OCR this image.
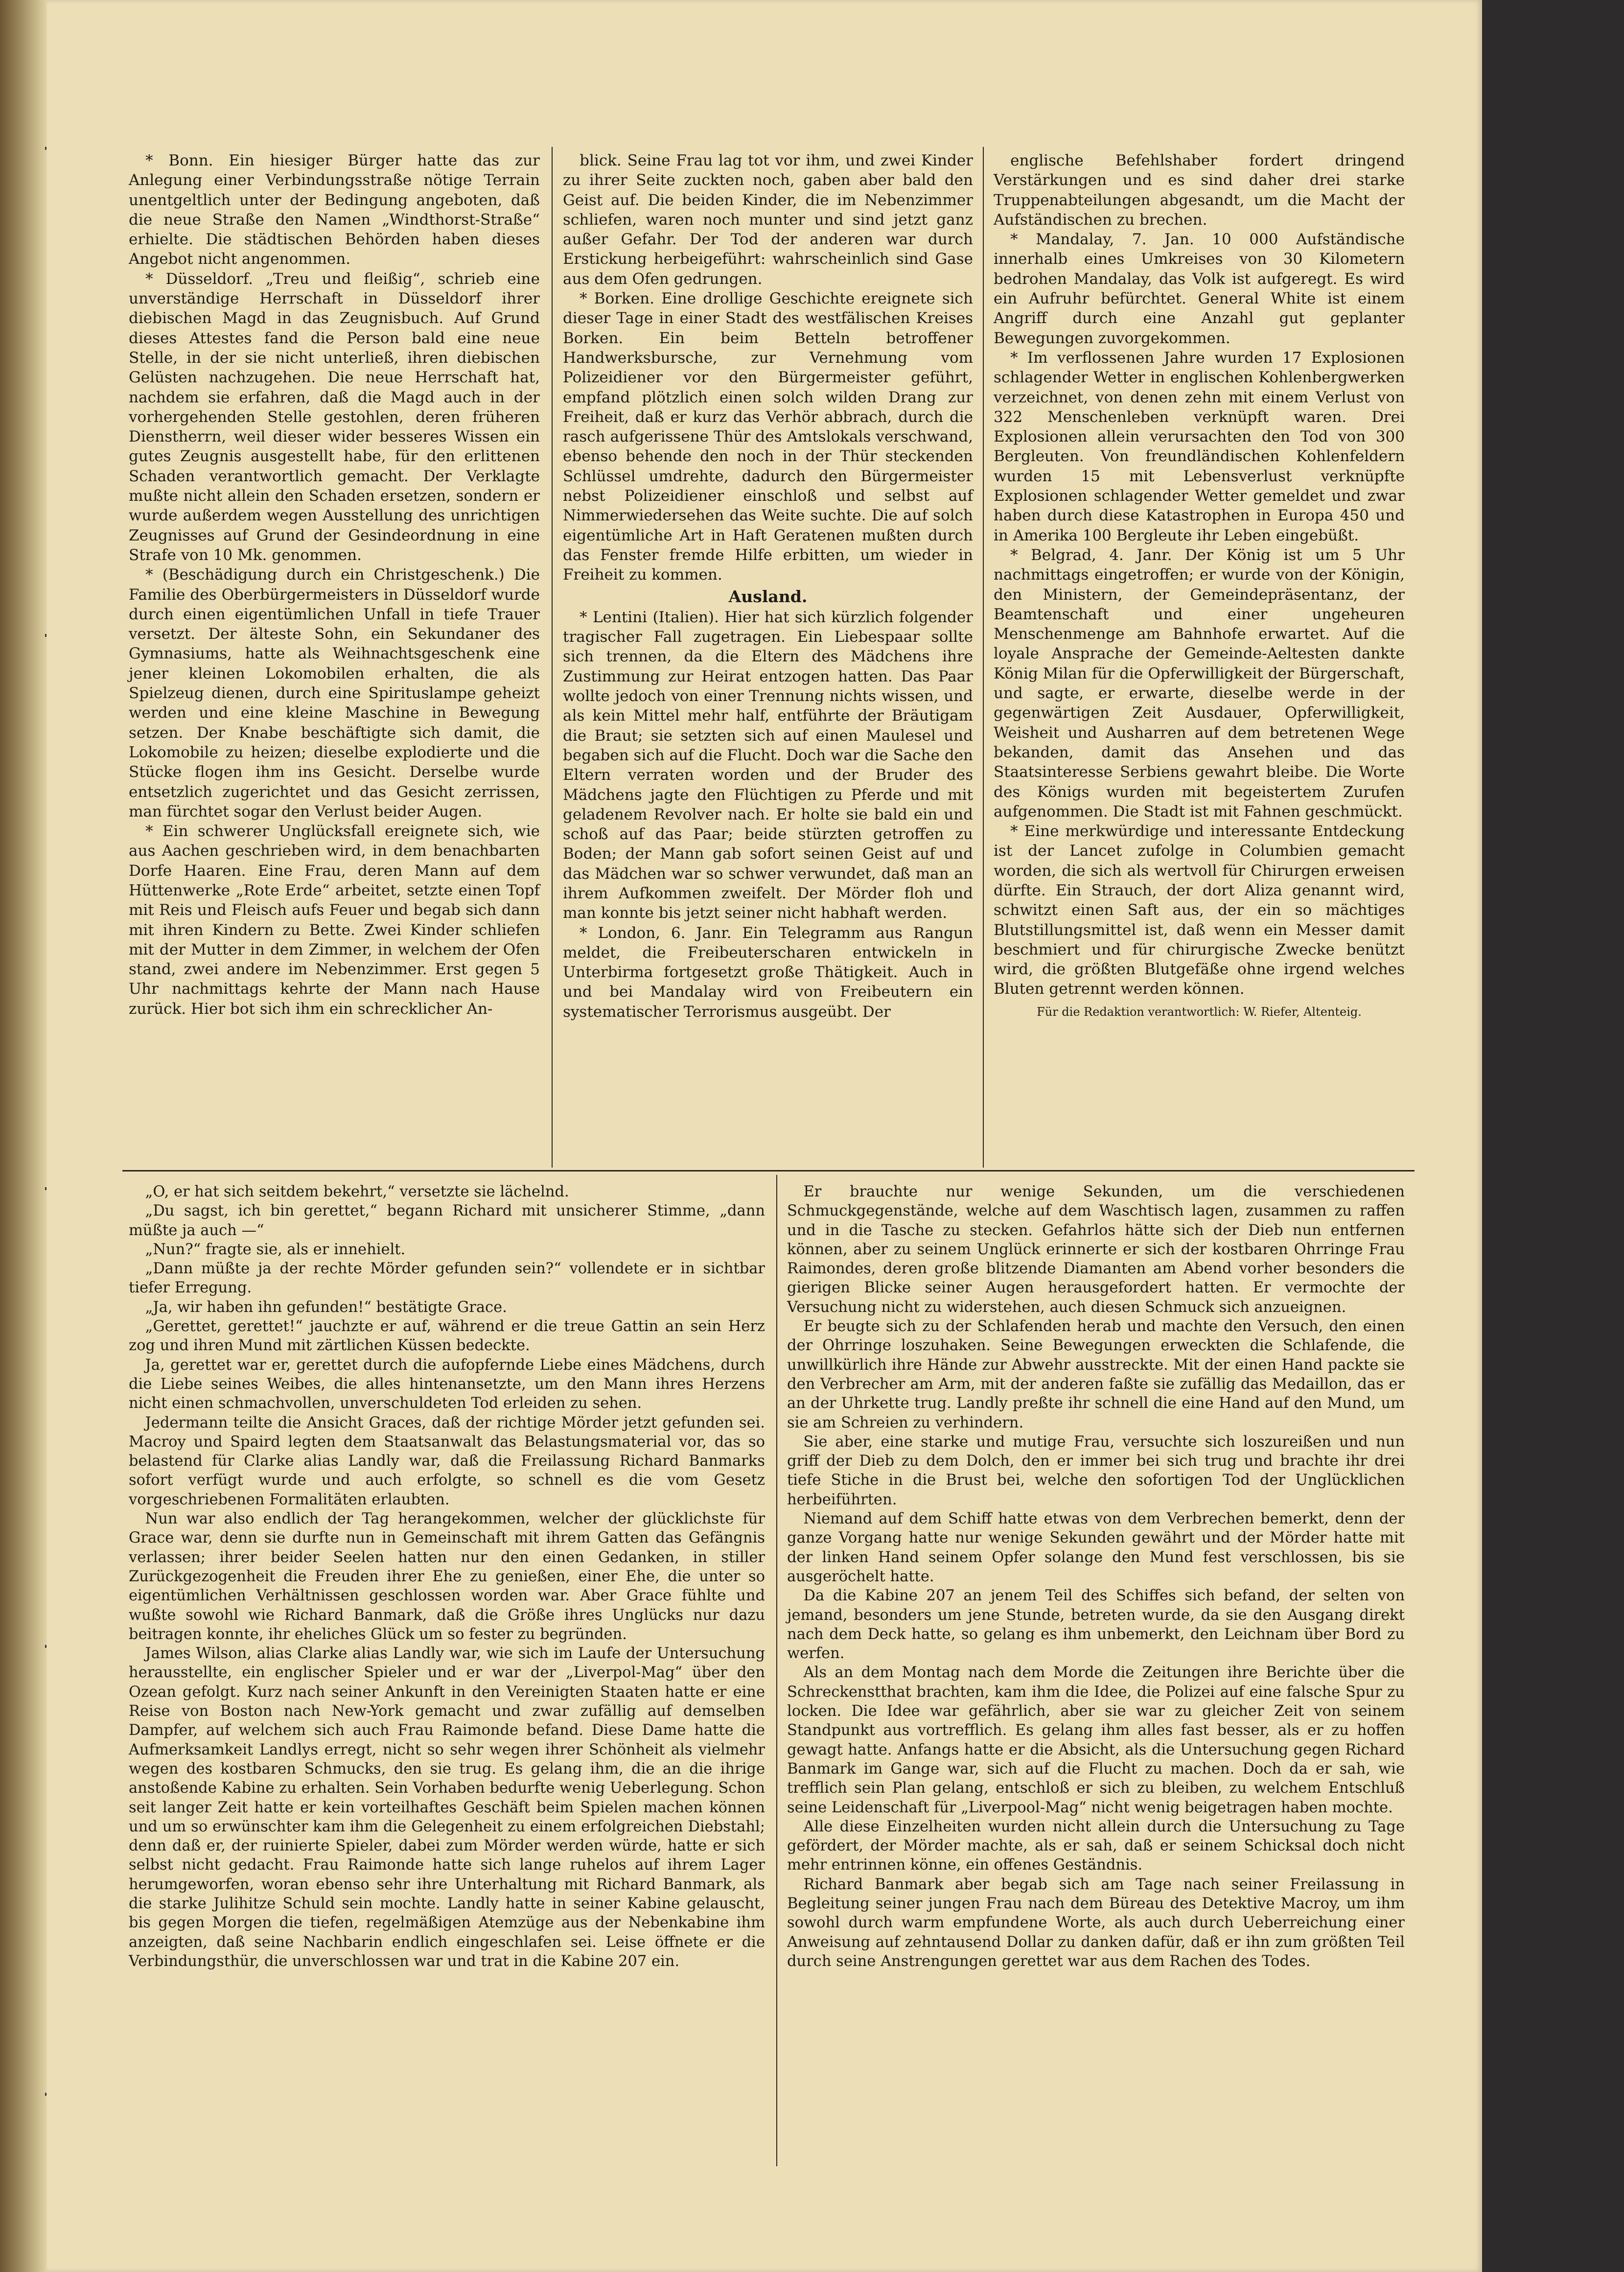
* Bonn. Ein hiesiger Bürger hatte das zur Anlegung einer Verbindungsstraße nötige Terrain unentgeltlich unter der Bedingung angeboten, daß die neue Straße den Namen „Windthorst-Straße“ erhielte. Die städtischen Behörden haben dieses Angebot nicht angenommen.

* Düsseldorf. „Treu und fleißig“, schrieb eine unverständige Herrschaft in Düsseldorf ihrer diebischen Magd in das Zeugnisbuch. Auf Grund dieses Attestes fand die Person bald eine neue Stelle, in der sie nicht unterließ, ihren diebischen Gelüsten nachzugehen. Die neue Herrschaft hat, nachdem sie erfahren, daß die Magd auch in der vorhergehenden Stelle gestohlen, deren früheren Dienstherrn, weil dieser wider besseres Wissen ein gutes Zeugnis ausgestellt habe, für den erlittenen Schaden verantwortlich gemacht. Der Verklagte mußte nicht allein den Schaden ersetzen, sondern er wurde außerdem wegen Ausstellung des unrichtigen Zeugnisses auf Grund der Gesindeordnung in eine Strafe von 10 Mk. genommen.

* (Beschädigung durch ein Christgeschenk.) Die Familie des Oberbürgermeisters in Düsseldorf wurde durch einen eigentümlichen Unfall in tiefe Trauer versetzt. Der älteste Sohn, ein Sekundaner des Gymnasiums, hatte als Weihnachtsgeschenk eine jener kleinen Lokomobilen erhalten, die als Spielzeug dienen, durch eine Spirituslampe geheizt werden und eine kleine Maschine in Bewegung setzen. Der Knabe beschäftigte sich damit, die Lokomobile zu heizen; dieselbe explodierte und die Stücke flogen ihm ins Gesicht. Derselbe wurde entsetzlich zugerichtet und das Gesicht zerrissen, man fürchtet sogar den Verlust beider Augen.

* Ein schwerer Unglücksfall ereignete sich, wie aus Aachen geschrieben wird, in dem benachbarten Dorfe Haaren. Eine Frau, deren Mann auf dem Hüttenwerke „Rote Erde“ arbeitet, setzte einen Topf mit Reis und Fleisch aufs Feuer und begab sich dann mit ihren Kindern zu Bette. Zwei Kinder schliefen mit der Mutter in dem Zimmer, in welchem der Ofen stand, zwei andere im Nebenzimmer. Erst gegen 5 Uhr nachmittags kehrte der Mann nach Hause zurück. Hier bot sich ihm ein schrecklicher An-

blick. Seine Frau lag tot vor ihm, und zwei Kinder zu ihrer Seite zuckten noch, gaben aber bald den Geist auf. Die beiden Kinder, die im Nebenzimmer schliefen, waren noch munter und sind jetzt ganz außer Gefahr. Der Tod der anderen war durch Erstickung herbeigeführt: wahrscheinlich sind Gase aus dem Ofen gedrungen.

* Borken. Eine drollige Geschichte ereignete sich dieser Tage in einer Stadt des westfälischen Kreises Borken. Ein beim Betteln betroffener Handwerksbursche, zur Vernehmung vom Polizeidiener vor den Bürgermeister geführt, empfand plötzlich einen solch wilden Drang zur Freiheit, daß er kurz das Verhör abbrach, durch die rasch aufgerissene Thür des Amtslokals verschwand, ebenso behende den noch in der Thür steckenden Schlüssel umdrehte, dadurch den Bürgermeister nebst Polizeidiener einschloß und selbst auf Nimmerwiedersehen das Weite suchte. Die auf solch eigentümliche Art in Haft Geratenen mußten durch das Fenster fremde Hilfe erbitten, um wieder in Freiheit zu kommen.

Ausland.

* Lentini (Italien). Hier hat sich kürzlich folgender tragischer Fall zugetragen. Ein Liebespaar sollte sich trennen, da die Eltern des Mädchens ihre Zustimmung zur Heirat entzogen hatten. Das Paar wollte jedoch von einer Trennung nichts wissen, und als kein Mittel mehr half, entführte der Bräutigam die Braut; sie setzten sich auf einen Maulesel und begaben sich auf die Flucht. Doch war die Sache den Eltern verraten worden und der Bruder des Mädchens jagte den Flüchtigen zu Pferde und mit geladenem Revolver nach. Er holte sie bald ein und schoß auf das Paar; beide stürzten getroffen zu Boden; der Mann gab sofort seinen Geist auf und das Mädchen war so schwer verwundet, daß man an ihrem Aufkommen zweifelt. Der Mörder floh und man konnte bis jetzt seiner nicht habhaft werden.

* London, 6. Janr. Ein Telegramm aus Rangun meldet, die Freibeuterscharen entwickeln in Unterbirma fortgesetzt große Thätigkeit. Auch in und bei Mandalay wird von Freibeutern ein systematischer Terrorismus ausgeübt. Der

englische Befehlshaber fordert dringend Verstärkungen und es sind daher drei starke Truppenabteilungen abgesandt, um die Macht der Aufständischen zu brechen.

* Mandalay, 7. Jan. 10 000 Aufständische innerhalb eines Umkreises von 30 Kilometern bedrohen Mandalay, das Volk ist aufgeregt. Es wird ein Aufruhr befürchtet. General White ist einem Angriff durch eine Anzahl gut geplanter Bewegungen zuvorgekommen.

* Im verflossenen Jahre wurden 17 Explosionen schlagender Wetter in englischen Kohlenbergwerken verzeichnet, von denen zehn mit einem Verlust von 322 Menschenleben verknüpft waren. Drei Explosionen allein verursachten den Tod von 300 Bergleuten. Von freundländischen Kohlenfeldern wurden 15 mit Lebensverlust verknüpfte Explosionen schlagender Wetter gemeldet und zwar haben durch diese Katastrophen in Europa 450 und in Amerika 100 Bergleute ihr Leben eingebüßt.

* Belgrad, 4. Janr. Der König ist um 5 Uhr nachmittags eingetroffen; er wurde von der Königin, den Ministern, der Gemeindepräsentanz, der Beamtenschaft und einer ungeheuren Menschenmenge am Bahnhofe erwartet. Auf die loyale Ansprache der Gemeinde-Aeltesten dankte König Milan für die Opferwilligkeit der Bürgerschaft, und sagte, er erwarte, dieselbe werde in der gegenwärtigen Zeit Ausdauer, Opferwilligkeit, Weisheit und Ausharren auf dem betretenen Wege bekanden, damit das Ansehen und das Staatsinteresse Serbiens gewahrt bleibe. Die Worte des Königs wurden mit begeistertem Zurufen aufgenommen. Die Stadt ist mit Fahnen geschmückt.

* Eine merkwürdige und interessante Entdeckung ist der Lancet zufolge in Columbien gemacht worden, die sich als wertvoll für Chirurgen erweisen dürfte. Ein Strauch, der dort Aliza genannt wird, schwitzt einen Saft aus, der ein so mächtiges Blutstillungsmittel ist, daß wenn ein Messer damit beschmiert und für chirurgische Zwecke benützt wird, die größten Blutgefäße ohne irgend welches Bluten getrennt werden können.

Für die Redaktion verantwortlich: W. Riefer, Altenteig.

„O, er hat sich seitdem bekehrt,“ versetzte sie lächelnd.

„Du sagst, ich bin gerettet,“ begann Richard mit unsicherer Stimme, „dann müßte ja auch —“

„Nun?“ fragte sie, als er innehielt.

„Dann müßte ja der rechte Mörder gefunden sein?“ vollendete er in sichtbar tiefer Erregung.

„Ja, wir haben ihn gefunden!“ bestätigte Grace.

„Gerettet, gerettet!“ jauchzte er auf, während er die treue Gattin an sein Herz zog und ihren Mund mit zärtlichen Küssen bedeckte.

Ja, gerettet war er, gerettet durch die aufopfernde Liebe eines Mädchens, durch die Liebe seines Weibes, die alles hintenansetzte, um den Mann ihres Herzens nicht einen schmachvollen, unverschuldeten Tod erleiden zu sehen.

Jedermann teilte die Ansicht Graces, daß der richtige Mörder jetzt gefunden sei. Macroy und Spaird legten dem Staatsanwalt das Belastungsmaterial vor, das so belastend für Clarke alias Landly war, daß die Freilassung Richard Banmarks sofort verfügt wurde und auch erfolgte, so schnell es die vom Gesetz vorgeschriebenen Formalitäten erlaubten.

Nun war also endlich der Tag herangekommen, welcher der glücklichste für Grace war, denn sie durfte nun in Gemeinschaft mit ihrem Gatten das Gefängnis verlassen; ihrer beider Seelen hatten nur den einen Gedanken, in stiller Zurückgezogenheit die Freuden ihrer Ehe zu genießen, einer Ehe, die unter so eigentümlichen Verhältnissen geschlossen worden war. Aber Grace fühlte und wußte sowohl wie Richard Banmark, daß die Größe ihres Unglücks nur dazu beitragen konnte, ihr eheliches Glück um so fester zu begründen.

James Wilson, alias Clarke alias Landly war, wie sich im Laufe der Untersuchung herausstellte, ein englischer Spieler und er war der „Liverpol-Mag“ über den Ozean gefolgt. Kurz nach seiner Ankunft in den Vereinigten Staaten hatte er eine Reise von Boston nach New-York gemacht und zwar zufällig auf demselben Dampfer, auf welchem sich auch Frau Raimonde befand. Diese Dame hatte die Aufmerksamkeit Landlys erregt, nicht so sehr wegen ihrer Schönheit als vielmehr wegen des kostbaren Schmucks, den sie trug. Es gelang ihm, die an die ihrige anstoßende Kabine zu erhalten. Sein Vorhaben bedurfte wenig Ueberlegung. Schon seit langer Zeit hatte er kein vorteilhaftes Geschäft beim Spielen machen können und um so erwünschter kam ihm die Gelegenheit zu einem erfolgreichen Diebstahl; denn daß er, der ruinierte Spieler, dabei zum Mörder werden würde, hatte er sich selbst nicht gedacht. Frau Raimonde hatte sich lange ruhelos auf ihrem Lager herumgeworfen, woran ebenso sehr ihre Unterhaltung mit Richard Banmark, als die starke Julihitze Schuld sein mochte. Landly hatte in seiner Kabine gelauscht, bis gegen Morgen die tiefen, regelmäßigen Atemzüge aus der Nebenkabine ihm anzeigten, daß seine Nachbarin endlich eingeschlafen sei. Leise öffnete er die Verbindungsthür, die unverschlossen war und trat in die Kabine 207 ein.

Er brauchte nur wenige Sekunden, um die verschiedenen Schmuckgegenstände, welche auf dem Waschtisch lagen, zusammen zu raffen und in die Tasche zu stecken. Gefahrlos hätte sich der Dieb nun entfernen können, aber zu seinem Unglück erinnerte er sich der kostbaren Ohrringe Frau Raimondes, deren große blitzende Diamanten am Abend vorher besonders die gierigen Blicke seiner Augen herausgefordert hatten. Er vermochte der Versuchung nicht zu widerstehen, auch diesen Schmuck sich anzueignen.

Er beugte sich zu der Schlafenden herab und machte den Versuch, den einen der Ohrringe loszuhaken. Seine Bewegungen erweckten die Schlafende, die unwillkürlich ihre Hände zur Abwehr ausstreckte. Mit der einen Hand packte sie den Verbrecher am Arm, mit der anderen faßte sie zufällig das Medaillon, das er an der Uhrkette trug. Landly preßte ihr schnell die eine Hand auf den Mund, um sie am Schreien zu verhindern.

Sie aber, eine starke und mutige Frau, versuchte sich loszureißen und nun griff der Dieb zu dem Dolch, den er immer bei sich trug und brachte ihr drei tiefe Stiche in die Brust bei, welche den sofortigen Tod der Unglücklichen herbeiführten.

Niemand auf dem Schiff hatte etwas von dem Verbrechen bemerkt, denn der ganze Vorgang hatte nur wenige Sekunden gewährt und der Mörder hatte mit der linken Hand seinem Opfer solange den Mund fest verschlossen, bis sie ausgeröchelt hatte.

Da die Kabine 207 an jenem Teil des Schiffes sich befand, der selten von jemand, besonders um jene Stunde, betreten wurde, da sie den Ausgang direkt nach dem Deck hatte, so gelang es ihm unbemerkt, den Leichnam über Bord zu werfen.

Als an dem Montag nach dem Morde die Zeitungen ihre Berichte über die Schreckenstthat brachten, kam ihm die Idee, die Polizei auf eine falsche Spur zu locken. Die Idee war gefährlich, aber sie war zu gleicher Zeit von seinem Standpunkt aus vortrefflich. Es gelang ihm alles fast besser, als er zu hoffen gewagt hatte. Anfangs hatte er die Absicht, als die Untersuchung gegen Richard Banmark im Gange war, sich auf die Flucht zu machen. Doch da er sah, wie trefflich sein Plan gelang, entschloß er sich zu bleiben, zu welchem Entschluß seine Leidenschaft für „Liverpool-Mag“ nicht wenig beigetragen haben mochte.

Alle diese Einzelheiten wurden nicht allein durch die Untersuchung zu Tage gefördert, der Mörder machte, als er sah, daß er seinem Schicksal doch nicht mehr entrinnen könne, ein offenes Geständnis.

Richard Banmark aber begab sich am Tage nach seiner Freilassung in Begleitung seiner jungen Frau nach dem Büreau des Detektive Macroy, um ihm sowohl durch warm empfundene Worte, als auch durch Ueberreichung einer Anweisung auf zehntausend Dollar zu danken dafür, daß er ihn zum größten Teil durch seine Anstrengungen gerettet war aus dem Rachen des Todes.
